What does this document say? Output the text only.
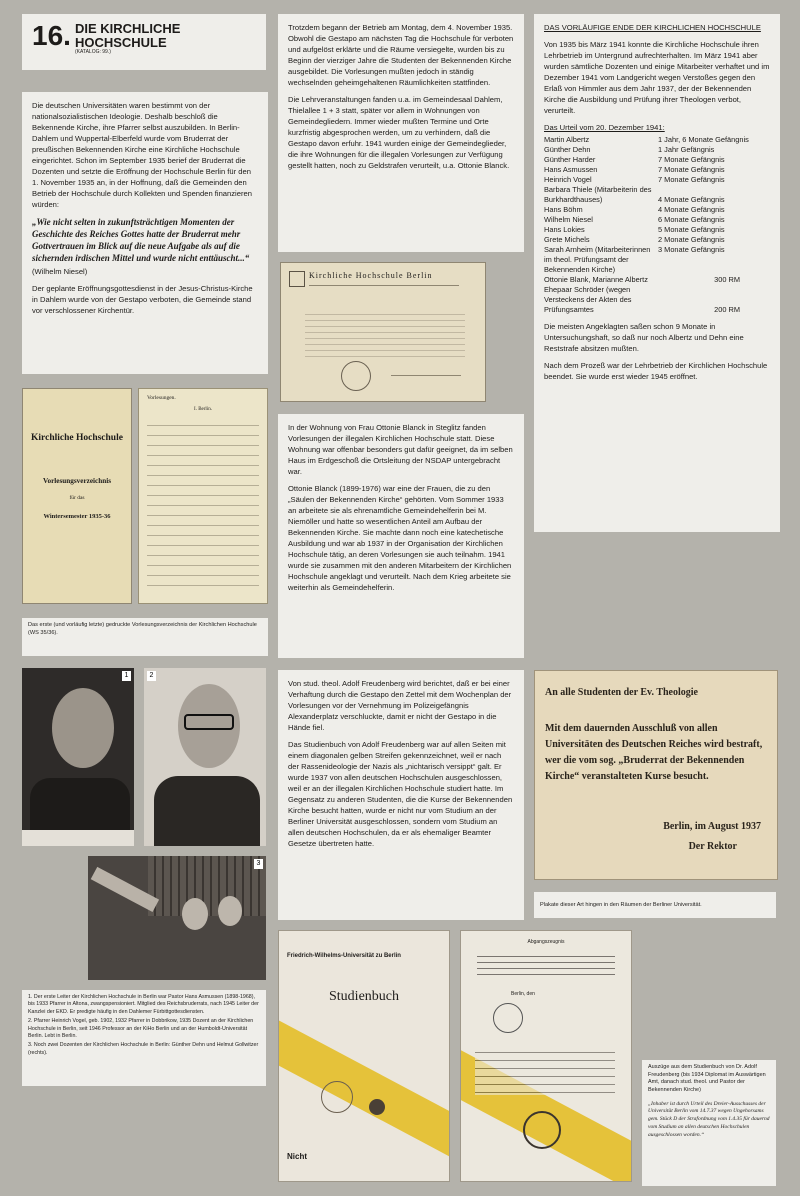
16. DIE KIRCHLICHE
HOCHSCHULE
(KATALOG: 99.)

Die deutschen Universitäten waren bestimmt von der nationalsozialistischen Ideologie. Deshalb beschloß die Bekennende Kirche, ihre Pfarrer selbst auszubilden. In Berlin-Dahlem und Wuppertal-Elberfeld wurde vom Bruderrat der preußischen Bekennenden Kirche eine Kirchliche Hochschule eingerichtet. Schon im September 1935 berief der Bruderrat die Dozenten und setzte die Eröffnung der Hochschule Berlin für den 1. November 1935 an, in der Hoffnung, daß die Gemeinden den Betrieb der Hochschule durch Kollekten und Spenden finanzieren würden:

„Wie nicht selten in zukunftsträchtigen Momenten der Geschichte des Reiches Gottes hatte der Bruderrat mehr Gottvertrauen im Blick auf die neue Aufgabe als auf die sichernden irdischen Mittel und wurde nicht enttäuscht...“ (Wilhelm Niesel)

Der geplante Eröffnungsgottesdienst in der Jesus-Christus-Kirche in Dahlem wurde von der Gestapo verboten, die Gemeinde stand vor verschlossener Kirchentür.

Trotzdem begann der Betrieb am Montag, dem 4. November 1935. Obwohl die Gestapo am nächsten Tag die Hochschule für verboten und aufgelöst erklärte und die Räume versiegelte, wurden bis zu Beginn der vierziger Jahre die Studenten der Bekennenden Kirche ausgebildet. Die Vorlesungen mußten jedoch in ständig wechselnden geheimgehaltenen Räumlichkeiten stattfinden.

Die Lehrveranstaltungen fanden u.a. im Gemeindesaal Dahlem, Thielallee 1 + 3 statt, später vor allem in Wohnungen von Gemeindegliedern. Immer wieder mußten Termine und Orte kurzfristig abgesprochen werden, um zu verhindern, daß die Gestapo davon erfuhr. 1941 wurden einige der Gemeindeglieder, die ihre Wohnungen für die illegalen Vorlesungen zur Verfügung gestellt hatten, noch zu Geldstrafen verurteilt, u.a. Ottonie Blanck.

Kirchliche Hochschule Berlin

DAS VORLÄUFIGE ENDE DER KIRCHLICHEN HOCHSCHULE

Von 1935 bis März 1941 konnte die Kirchliche Hochschule ihren Lehrbetrieb im Untergrund aufrechterhalten. Im März 1941 aber wurden sämtliche Dozenten und einige Mitarbeiter verhaftet und im Dezember 1941 vom Landgericht wegen Verstoßes gegen den Erlaß von Himmler aus dem Jahr 1937, der der Bekennenden Kirche die Ausbildung und Prüfung ihrer Theologen verbot, verurteilt.

Das Urteil vom 20. Dezember 1941:

Martin Albertz	1 Jahr, 6 Monate Gefängnis
Günther Dehn	1 Jahr Gefängnis
Günther Harder	7 Monate Gefängnis
Hans Asmussen	7 Monate Gefängnis
Heinrich Vogel	7 Monate Gefängnis
Barbara Thiele (Mitarbeiterin des Burkhardthauses)	4 Monate Gefängnis
Hans Böhm	4 Monate Gefängnis
Wilhelm Niesel	6 Monate Gefängnis
Hans Lokies	5 Monate Gefängnis
Grete Michels	2 Monate Gefängnis
Sarah Arnheim (Mitarbeiterinnen im theol. Prüfungsamt der Bekennenden Kirche)	3 Monate Gefängnis
Ottonie Blank, Marianne Albertz	300 RM
Ehepaar Schröder (wegen Versteckens der Akten des Prüfungsamtes	200 RM

Die meisten Angeklagten saßen schon 9 Monate in Untersuchungshaft, so daß nur noch Albertz und Dehn eine Reststrafe absitzen mußten.

Nach dem Prozeß war der Lehrbetrieb der Kirchlichen Hochschule beendet. Sie wurde erst wieder 1945 eröffnet.

Kirchliche Hochschule
Vorlesungsverzeichnis
für das
Wintersemester 1935-36
Vorlesungen.
I. Berlin.
Das erste (und vorläufig letzte) gedruckte Vorlesungsverzeichnis der Kirchlichen Hochschule (WS 35/36).

In der Wohnung von Frau Ottonie Blanck in Steglitz fanden Vorlesungen der illegalen Kirchlichen Hochschule statt. Diese Wohnung war offenbar besonders gut dafür geeignet, da im selben Haus im Erdgeschoß die Ortsleitung der NSDAP untergebracht war.

Ottonie Blanck (1899-1976) war eine der Frauen, die zu den „Säulen der Bekennenden Kirche“ gehörten. Vom Sommer 1933 an arbeitete sie als ehrenamtliche Gemeindehelferin bei M. Niemöller und hatte so wesentlichen Anteil am Aufbau der Bekennenden Kirche. Sie machte dann noch eine katechetische Ausbildung und war ab 1937 in der Organisation der Kirchlichen Hochschule tätig, an deren Vorlesungen sie auch teilnahm. 1941 wurde sie zusammen mit den anderen Mitarbeitern der Kirchlichen Hochschule angeklagt und verurteilt. Nach dem Krieg arbeitete sie weiterhin als Gemeindehelferin.

1	2
3
1. Der erste Leiter der Kirchlichen Hochschule in Berlin war Pastor Hans Asmussen (1898-1968), bis 1933 Pfarrer in Altona, zwangspensioniert. Mitglied des Reichsbruderrats, nach 1945 Leiter der Kanzlei der EKD. Er predigte häufig in den Dahlemer Fürbittgottesdiensten.
2. Pfarrer Heinrich Vogel, geb. 1902, 1932 Pfarrer in Dobbrikow, 1935 Dozent an der Kirchlichen Hochschule in Berlin, seit 1946 Professor an der KiHo Berlin und an der Humboldt-Universität Berlin. Lebt in Berlin.
3. Noch zwei Dozenten der Kirchlichen Hochschule in Berlin: Günther Dehn und Helmut Gollwitzer (rechts).

Von stud. theol. Adolf Freudenberg wird berichtet, daß er bei einer Verhaftung durch die Gestapo den Zettel mit dem Wochenplan der Vorlesungen vor der Vernehmung im Polizeigefängnis Alexanderplatz verschluckte, damit er nicht der Gestapo in die Hände fiel.

Das Studienbuch von Adolf Freudenberg war auf allen Seiten mit einem diagonalen gelben Streifen gekennzeichnet, weil er nach der Rassenideologie der Nazis als „nichtarisch versippt“ galt. Er wurde 1937 von allen deutschen Hochschulen ausgeschlossen, weil er an der illegalen Kirchlichen Hochschule studiert hatte. Im Gegensatz zu anderen Studenten, die die Kurse der Bekennenden Kirche besucht hatten, wurde er nicht nur vom Studium an der Berliner Universität ausgeschlossen, sondern vom Studium an allen deutschen Hochschulen, da er als ehemaliger Beamter Gesetze übertreten hatte.

An alle Studenten der Ev. Theologie
Mit dem dauernden Ausschluß von allen Universitäten des Deutschen Reiches wird bestraft, wer die vom sog. „Bruderrat der Bekennenden Kirche“ veranstalteten Kurse besucht.
Berlin, im August 1937
Der Rektor
Plakate dieser Art hingen in den Räumen der Berliner Universität.
Friedrich-Wilhelms-Universität zu Berlin
Studienbuch
Nicht
Abgangszeugnis
Berlin, den
Auszüge aus dem Studienbuch von Dr. Adolf Freudenberg (bis 1934 Diplomat im Auswärtigen Amt, danach stud. theol. und Pastor der Bekennenden Kirche)
„Inhaber ist durch Urteil des Dreier-Ausschusses der Universität Berlin vom 14.7.37 wegen Ungehorsams gem. Stück D der Strafordnung vom 1.4.35 für dauernd vom Studium an allen deutschen Hochschulen ausgeschlossen worden.“
